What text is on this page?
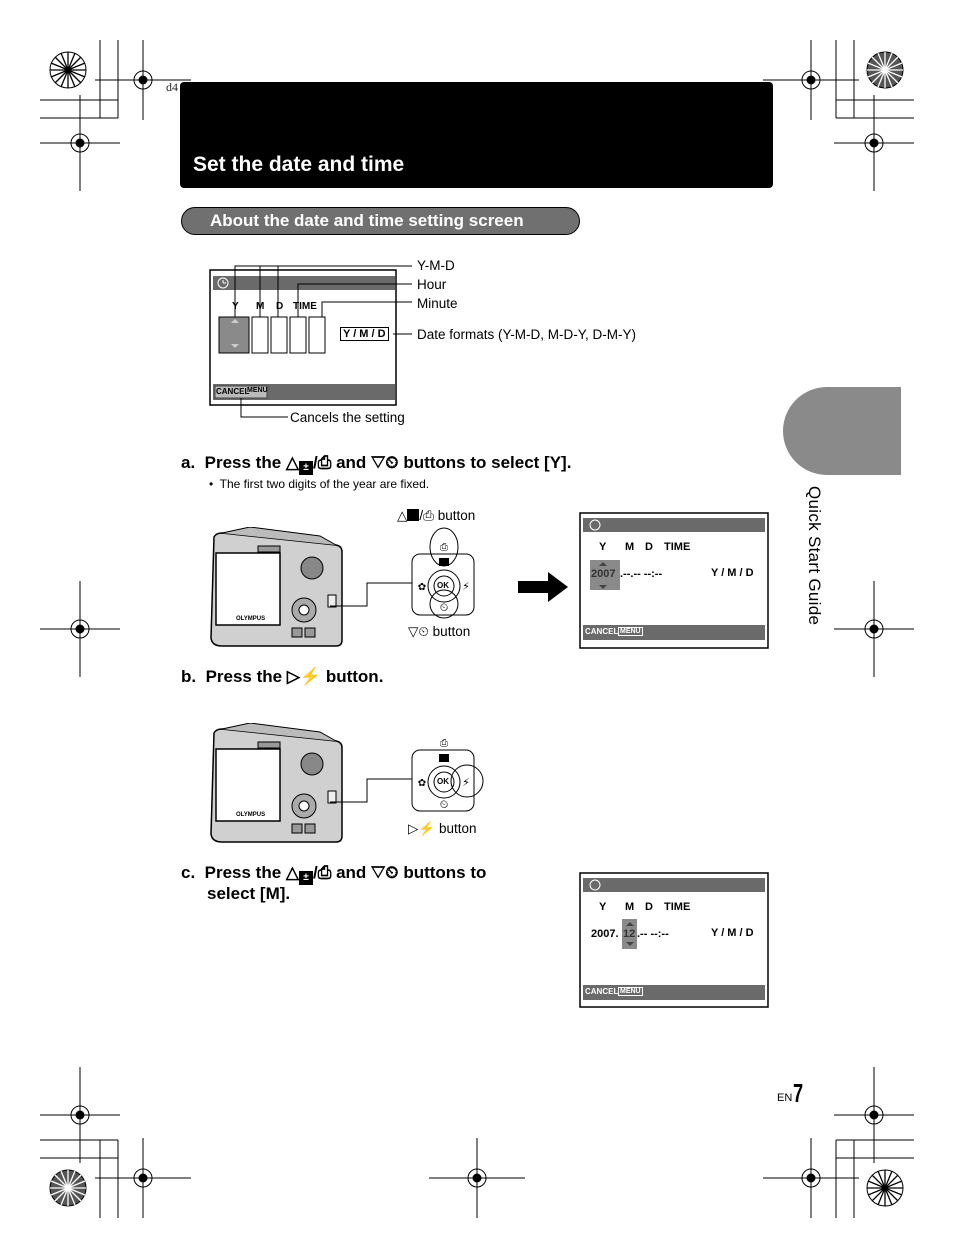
d4
Set the date and time
About the date and time setting screen
Y M D TIME
Y / M / D
CANCEL
MENU
Y-M-D
Hour
Minute
Date formats (Y-M-D, M-D-Y, D-M-Y)
Cancels the setting
a. Press the △ ± /⎙ and ▽⏲ buttons to select [Y].
•  The first two digits of the year are fixed.
OLYMPUS
⎙
⏲
✿	⚡
OK
△ /⎙ button
▽⏲ button
Y M D TIME
2007 .--.-- --:--	Y / M / D
CANCEL MENU
b. Press the ▷⚡ button.
OLYMPUS
⎙
⏲
✿	⚡
OK
▷⚡ button
c. Press the △ ± /⎙ and ▽⏲ buttons to
select [M].
Y M D TIME
2007. 12 .-- --:--	Y / M / D
CANCEL MENU
Quick Start Guide
EN 7
